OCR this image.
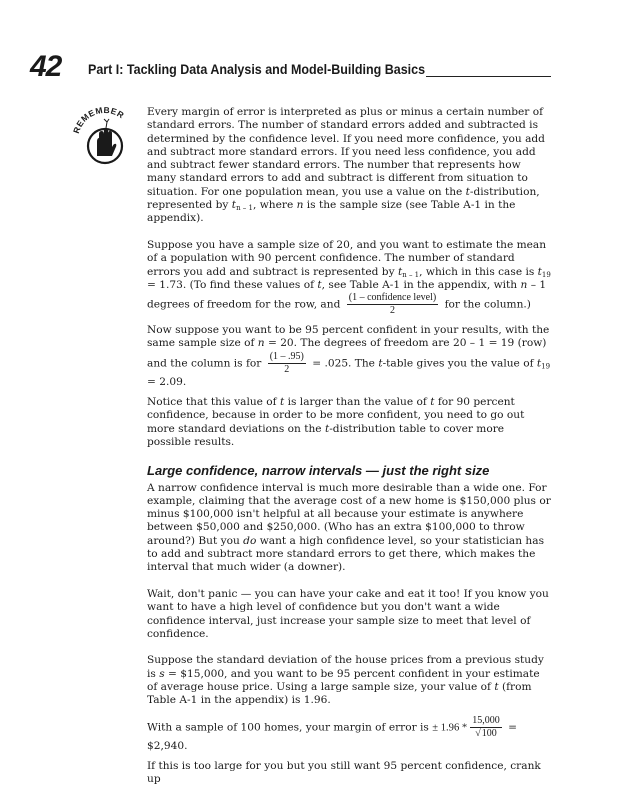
42 Part I: Tackling Data Analysis and Model-Building Basics
REMEMBER Every margin of error is interpreted as plus or minus a certain number of standard errors. The number of standard errors added and subtracted is determined by the confidence level. If you need more confidence, you add and subtract more standard errors. If you need less confidence, you add and subtract fewer standard errors. The number that represents how many standard errors to add and subtract is different from situation to situation. For one population mean, you use a value on the t-distribution, represented by $t_{n - 1}$, where n is the sample size (see Table A-1 in the appendix).

Suppose you have a sample size of 20, and you want to estimate the mean of a population with 90 percent confidence. The number of standard errors you add and subtract is represented by $t_{n - 1}$, which in this case is $t_{19} = 1.73$. (To find these values of t, see Table A-1 in the appendix, with n – 1 degrees of freedom for the row, and $\frac{\text{(1 – confidence level)}}{2}$ for the column.)

Now suppose you want to be 95 percent confident in your results, with the same sample size of n = 20. The degrees of freedom are 20 – 1 = 19 (row) and the column is for $\frac{(1 - .95)}{2} = .025$. The t-table gives you the value of $t_{19} = 2.09$.

Notice that this value of t is larger than the value of t for 90 percent confidence, because in order to be more confident, you need to go out more standard deviations on the t-distribution table to cover more possible results.

Large confidence, narrow intervals — just the right size

A narrow confidence interval is much more desirable than a wide one. For example, claiming that the average cost of a new home is $150,000 plus or minus $100,000 isn't helpful at all because your estimate is anywhere between $50,000 and $250,000. (Who has an extra $100,000 to throw around?) But you do want a high confidence level, so your statistician has to add and subtract more standard errors to get there, which makes the interval that much wider (a downer).

Wait, don't panic — you can have your cake and eat it too! If you know you want to have a high level of confidence but you don't want a wide confidence interval, just increase your sample size to meet that level of confidence.

Suppose the standard deviation of the house prices from a previous study is s = $15,000, and you want to be 95 percent confident in your estimate of average house price. Using a large sample size, your value of t (from Table A-1 in the appendix) is 1.96.

With a sample of 100 homes, your margin of error is ± $1.96 * \frac{15,000}{√100}$ = $2,940.

If this is too large for you but you still want 95 percent confidence, crank up
